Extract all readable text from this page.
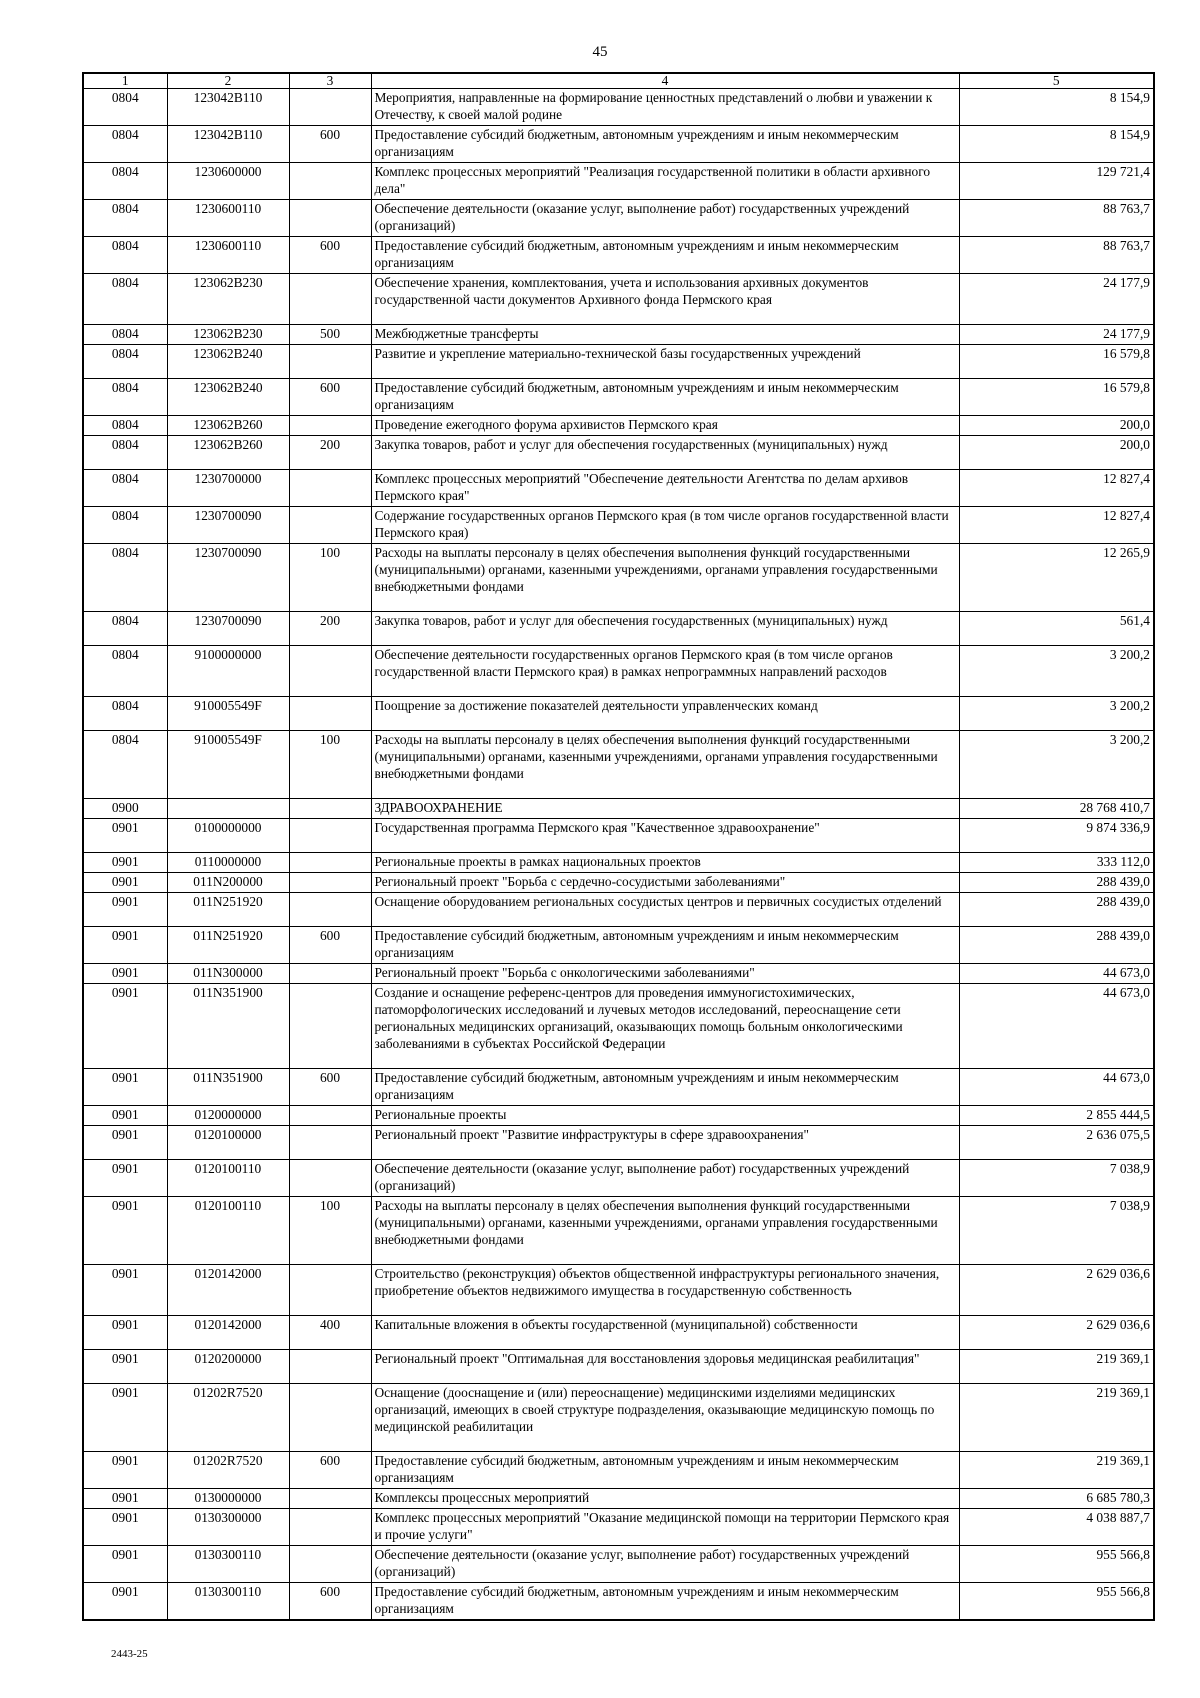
45
1	2	3	4	5
0804	123042В110		Мероприятия, направленные на формирование ценностных представлений о любви и уважении к Отечеству, к своей малой родине	8 154,9
0804	123042В110	600	Предоставление субсидий бюджетным, автономным учреждениям и иным некоммерческим организациям	8 154,9
0804	1230600000		Комплекс процессных мероприятий "Реализация государственной политики в области архивного дела"	129 721,4
0804	1230600110		Обеспечение деятельности (оказание услуг, выполнение работ) государственных учреждений (организаций)	88 763,7
0804	1230600110	600	Предоставление субсидий бюджетным, автономным учреждениям и иным некоммерческим организациям	88 763,7
0804	123062В230		Обеспечение хранения, комплектования, учета и использования архивных документов государственной части документов Архивного фонда Пермского края	24 177,9
0804	123062В230	500	Межбюджетные трансферты	24 177,9
0804	123062В240		Развитие и укрепление материально-технической базы государственных учреждений	16 579,8
0804	123062В240	600	Предоставление субсидий бюджетным, автономным учреждениям и иным некоммерческим организациям	16 579,8
0804	123062В260		Проведение ежегодного форума архивистов Пермского края	200,0
0804	123062В260	200	Закупка товаров, работ и услуг для обеспечения государственных (муниципальных) нужд	200,0
0804	1230700000		Комплекс процессных мероприятий "Обеспечение деятельности Агентства по делам архивов Пермского края"	12 827,4
0804	1230700090		Содержание государственных органов Пермского края (в том числе органов государственной власти Пермского края)	12 827,4
0804	1230700090	100	Расходы на выплаты персоналу в целях обеспечения выполнения функций государственными (муниципальными) органами, казенными учреждениями, органами управления государственными внебюджетными фондами	12 265,9
0804	1230700090	200	Закупка товаров, работ и услуг для обеспечения государственных (муниципальных) нужд	561,4
0804	9100000000		Обеспечение деятельности государственных органов Пермского края (в том числе органов государственной власти Пермского края) в рамках непрограммных направлений расходов	3 200,2
0804	910005549F		Поощрение за достижение показателей деятельности управленческих команд	3 200,2
0804	910005549F	100	Расходы на выплаты персоналу в целях обеспечения выполнения функций государственными (муниципальными) органами, казенными учреждениями, органами управления государственными внебюджетными фондами	3 200,2
0900			ЗДРАВООХРАНЕНИЕ	28 768 410,7
0901	0100000000		Государственная программа Пермского края "Качественное здравоохранение"	9 874 336,9
0901	0110000000		Региональные проекты в рамках национальных проектов	333 112,0
0901	011N200000		Региональный проект "Борьба с сердечно-сосудистыми заболеваниями"	288 439,0
0901	011N251920		Оснащение оборудованием региональных сосудистых центров и первичных сосудистых отделений	288 439,0
0901	011N251920	600	Предоставление субсидий бюджетным, автономным учреждениям и иным некоммерческим организациям	288 439,0
0901	011N300000		Региональный проект "Борьба с онкологическими заболеваниями"	44 673,0
0901	011N351900		Создание и оснащение референс-центров для проведения иммуногистохимических, патоморфологических исследований и лучевых методов исследований, переоснащение сети региональных медицинских организаций, оказывающих помощь больным онкологическими заболеваниями в субъектах Российской Федерации	44 673,0
0901	011N351900	600	Предоставление субсидий бюджетным, автономным учреждениям и иным некоммерческим организациям	44 673,0
0901	0120000000		Региональные проекты	2 855 444,5
0901	0120100000		Региональный проект "Развитие инфраструктуры в сфере здравоохранения"	2 636 075,5
0901	0120100110		Обеспечение деятельности (оказание услуг, выполнение работ) государственных учреждений (организаций)	7 038,9
0901	0120100110	100	Расходы на выплаты персоналу в целях обеспечения выполнения функций государственными (муниципальными) органами, казенными учреждениями, органами управления государственными внебюджетными фондами	7 038,9
0901	0120142000		Строительство (реконструкция) объектов общественной инфраструктуры регионального значения, приобретение объектов недвижимого имущества в государственную собственность	2 629 036,6
0901	0120142000	400	Капитальные вложения в объекты государственной (муниципальной) собственности	2 629 036,6
0901	0120200000		Региональный проект "Оптимальная для восстановления здоровья медицинская реабилитация"	219 369,1
0901	01202R7520		Оснащение (дооснащение и (или) переоснащение) медицинскими изделиями медицинских организаций, имеющих в своей структуре подразделения, оказывающие медицинскую помощь по медицинской реабилитации	219 369,1
0901	01202R7520	600	Предоставление субсидий бюджетным, автономным учреждениям и иным некоммерческим организациям	219 369,1
0901	0130000000		Комплексы процессных мероприятий	6 685 780,3
0901	0130300000		Комплекс процессных мероприятий "Оказание медицинской помощи на территории Пермского края и прочие услуги"	4 038 887,7
0901	0130300110		Обеспечение деятельности (оказание услуг, выполнение работ) государственных учреждений (организаций)	955 566,8
0901	0130300110	600	Предоставление субсидий бюджетным, автономным учреждениям и иным некоммерческим организациям	955 566,8
2443-25
